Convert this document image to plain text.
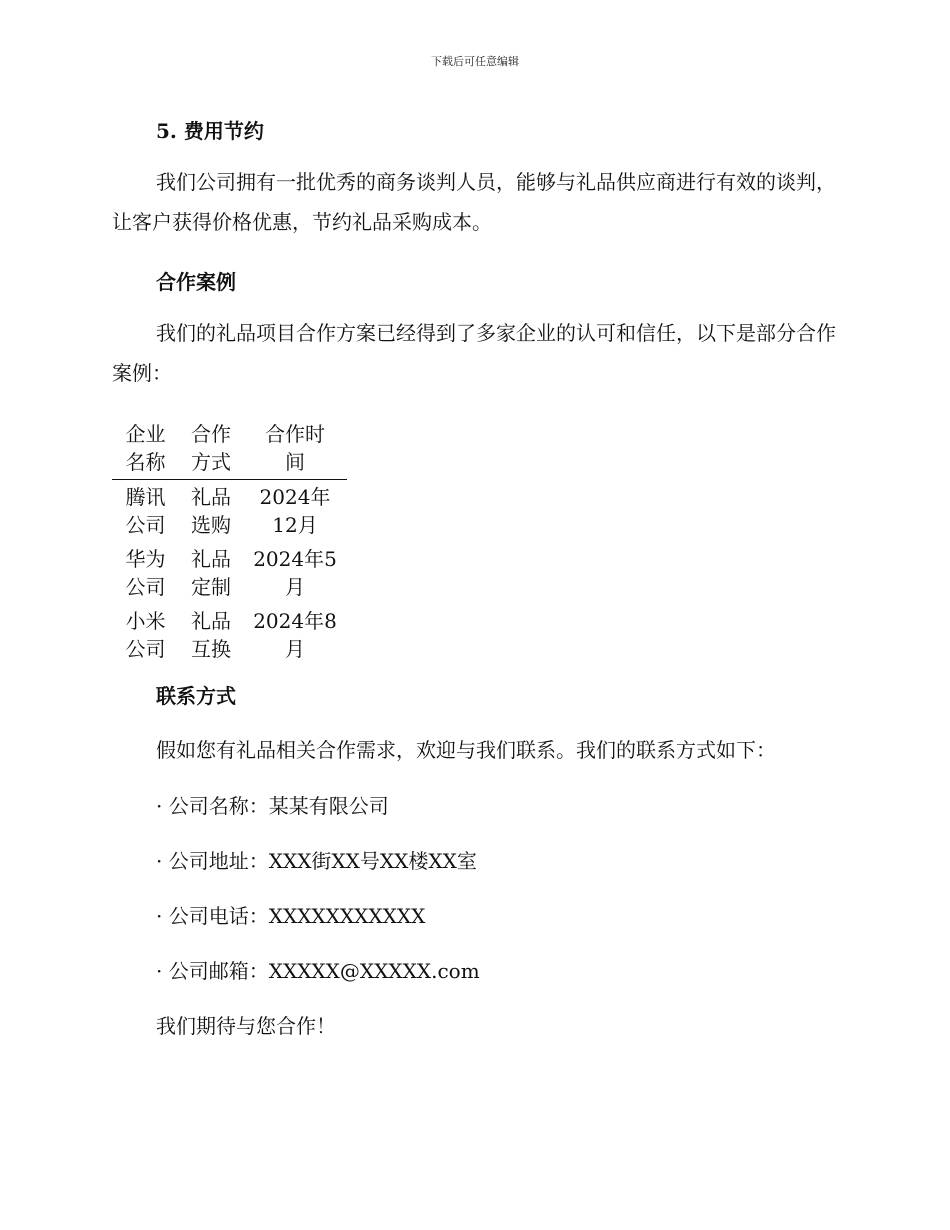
下载后可任意编辑
5. 费用节约

我们公司拥有一批优秀的商务谈判人员，能够与礼品供应商进行有效的谈判，让客户获得价格优惠，节约礼品采购成本。

合作案例

我们的礼品项目合作方案已经得到了多家企业的认可和信任，以下是部分合作案例：

企业名称	合作方式	合作时间
腾讯公司	礼品选购	2024年12月
华为公司	礼品定制	2024年5月
小米公司	礼品互换	2024年8月
联系方式

假如您有礼品相关合作需求，欢迎与我们联系。我们的联系方式如下：

· 公司名称：某某有限公司

· 公司地址：XXX街XX号XX楼XX室

· 公司电话：XXXXXXXXXXX

· 公司邮箱：XXXXX@XXXXX.com

我们期待与您合作！
